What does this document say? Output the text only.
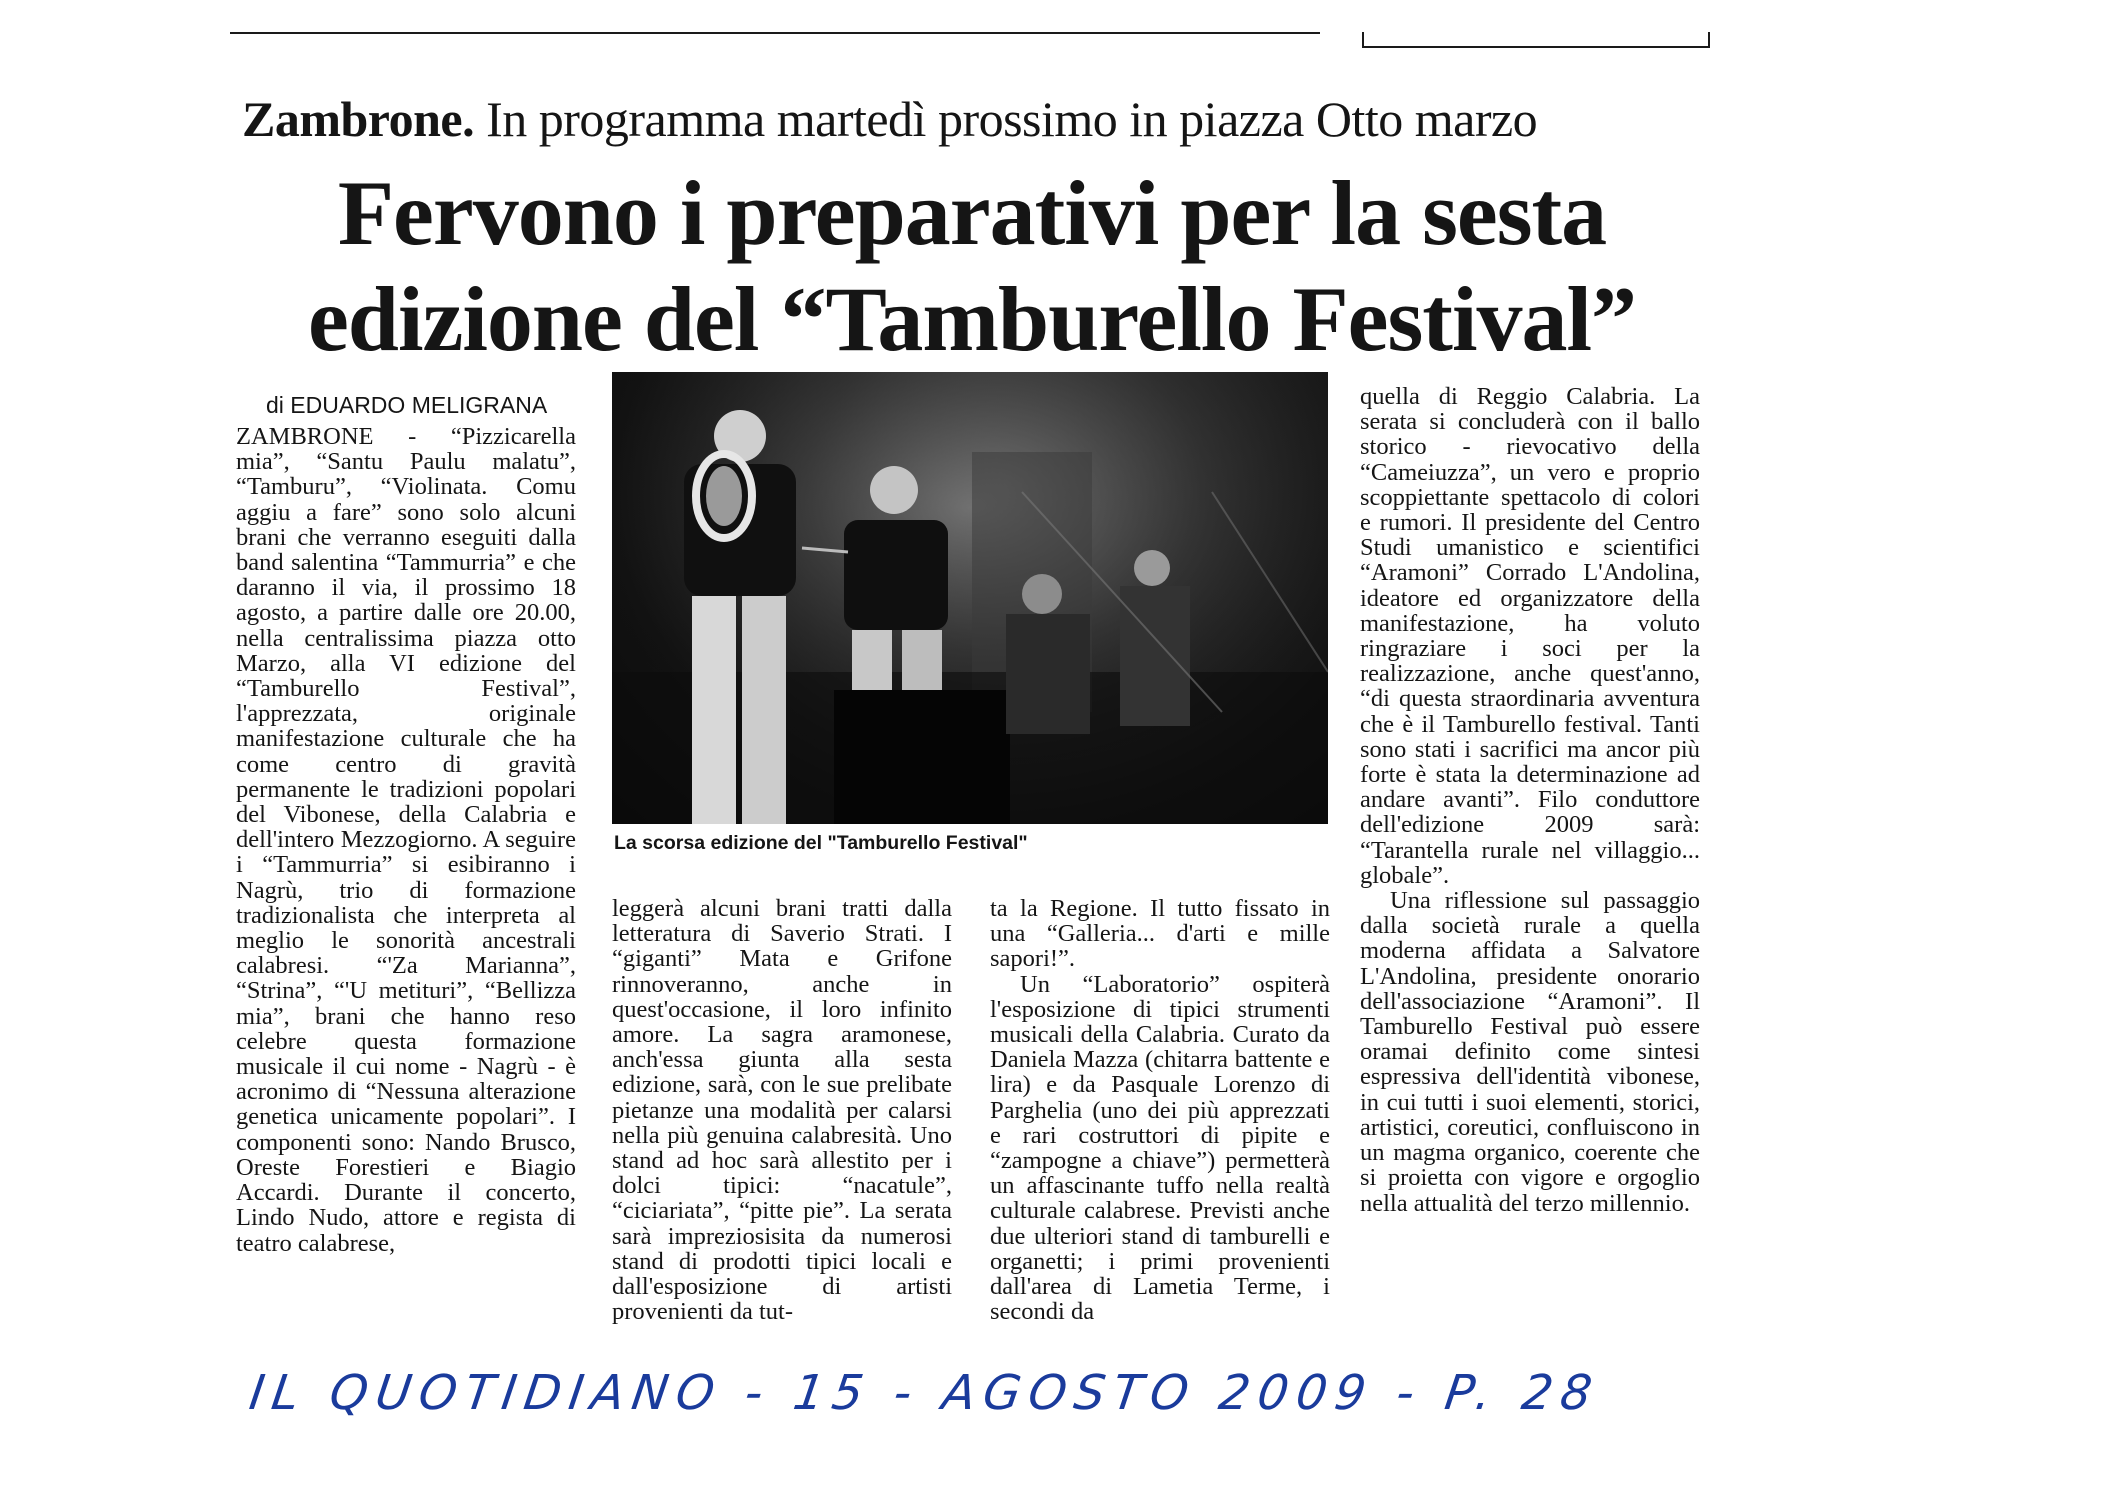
Zambrone. In programma martedì prossimo in piazza Otto marzo
Fervono i preparativi per la sesta
edizione del “Tamburello Festival”
di EDUARDO MELIGRANA

ZAMBRONE - “Pizzicarella mia”, “Santu Paulu malatu”, “Tamburu”, “Violinata. Comu aggiu a fare” sono solo alcuni brani che verranno eseguiti dalla band salentina “Tammurria” e che daranno il via, il prossimo 18 agosto, a partire dalle ore 20.00, nella centralissima piazza otto Marzo, alla VI edizione del “Tamburello Festival”, l'apprezzata, originale manifestazione culturale che ha come centro di gravità permanente le tradizioni popolari del Vibonese, della Calabria e dell'intero Mezzogiorno. A seguire i “Tammurria” si esibiranno i Nagrù, trio di formazione tradizionalista che interpreta al meglio le sonorità ancestrali calabresi. “'Za Marianna”, “Strina”, “'U metituri”, “Bellizza mia”, brani che hanno reso celebre questa formazione musicale il cui nome - Nagrù - è acronimo di “Nessuna alterazione genetica unicamente popolari”. I componenti sono: Nando Brusco, Oreste Forestieri e Biagio Accardi. Durante il concerto, Lindo Nudo, attore e regista di teatro calabrese,

La scorsa edizione del "Tamburello Festival"

leggerà alcuni brani tratti dalla letteratura di Saverio Strati. I “giganti” Mata e Grifone rinnoveranno, anche in quest'occasione, il loro infinito amore. La sagra aramonese, anch'essa giunta alla sesta edizione, sarà, con le sue prelibate pietanze una modalità per calarsi nella più genuina calabresità. Uno stand ad hoc sarà allestito per i dolci tipici: “nacatule”, “ciciariata”, “pitte pie”. La serata sarà impreziosisita da numerosi stand di prodotti tipici locali e dall'esposizione di artisti provenienti da tut-

ta la Regione. Il tutto fissato in una “Galleria... d'arti e mille sapori!”.

Un “Laboratorio” ospiterà l'esposizione di tipici strumenti musicali della Calabria. Curato da Daniela Mazza (chitarra battente e lira) e da Pasquale Lorenzo di Parghelia (uno dei più apprezzati e rari costruttori di pipite e “zampogne a chiave”) permetterà un affascinante tuffo nella realtà culturale calabrese. Previsti anche due ulteriori stand di tamburelli e organetti; i primi provenienti dall'area di Lametia Terme, i secondi da

quella di Reggio Calabria. La serata si concluderà con il ballo storico - rievocativo della “Cameiuzza”, un vero e proprio scoppiettante spettacolo di colori e rumori. Il presidente del Centro Studi umanistico e scientifici “Aramoni” Corrado L'Andolina, ideatore ed organizzatore della manifestazione, ha voluto ringraziare i soci per la realizzazione, anche quest'anno, “di questa straordinaria avventura che è il Tamburello festival. Tanti sono stati i sacrifici ma ancor più forte è stata la determinazione ad andare avanti”. Filo conduttore dell'edizione 2009 sarà: “Tarantella rurale nel villaggio... globale”.

Una riflessione sul passaggio dalla società rurale a quella moderna affidata a Salvatore L'Andolina, presidente onorario dell'associazione “Aramoni”. Il Tamburello Festival può essere oramai definito come sintesi espressiva dell'identità vibonese, in cui tutti i suoi elementi, storici, artistici, coreutici, confluiscono in un magma organico, coerente che si proietta con vigore e orgoglio nella attualità del terzo millennio.

IL QUOTIDIANO - 15 - AGOSTO 2009 - P. 28
